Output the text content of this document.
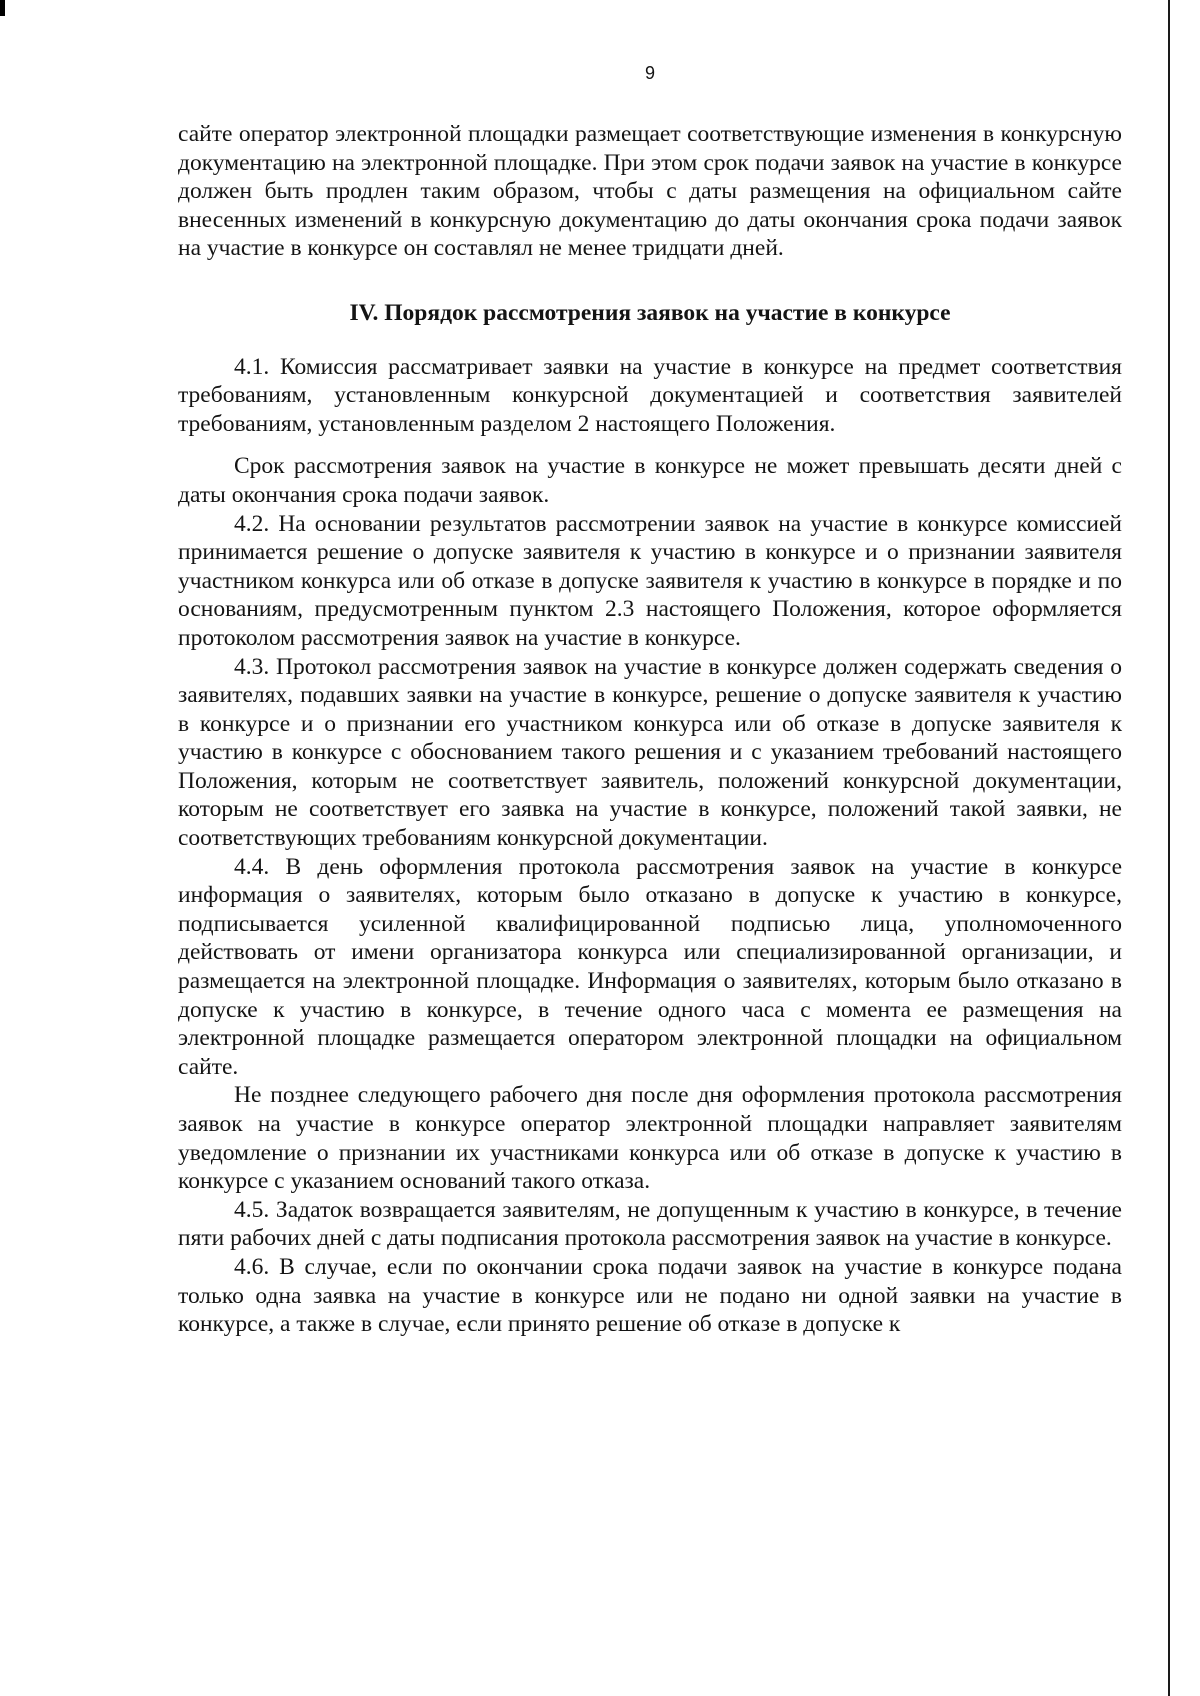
9

сайте оператор электронной площадки размещает соответствующие изменения в конкурсную документацию на электронной площадке. При этом срок подачи заявок на участие в конкурсе должен быть продлен таким образом, чтобы с даты размещения на официальном сайте внесенных изменений в конкурсную документацию до даты окончания срока подачи заявок на участие в конкурсе он составлял не менее тридцати дней.

IV. Порядок рассмотрения заявок на участие в конкурсе

4.1. Комиссия рассматривает заявки на участие в конкурсе на предмет соответствия требованиям, установленным конкурсной документацией и соответствия заявителей требованиям, установленным разделом 2 настоящего Положения.

Срок рассмотрения заявок на участие в конкурсе не может превышать десяти дней с даты окончания срока подачи заявок.

4.2. На основании результатов рассмотрении заявок на участие в конкурсе комиссией принимается решение о допуске заявителя к участию в конкурсе и о признании заявителя участником конкурса или об отказе в допуске заявителя к участию в конкурсе в порядке и по основаниям, предусмотренным пунктом 2.3 настоящего Положения, которое оформляется протоколом рассмотрения заявок на участие в конкурсе.

4.3. Протокол рассмотрения заявок на участие в конкурсе должен содержать сведения о заявителях, подавших заявки на участие в конкурсе, решение о допуске заявителя к участию в конкурсе и о признании его участником конкурса или об отказе в допуске заявителя к участию в конкурсе с обоснованием такого решения и с указанием требований настоящего Положения, которым не соответствует заявитель, положений конкурсной документации, которым не соответствует его заявка на участие в конкурсе, положений такой заявки, не соответствующих требованиям конкурсной документации.

4.4. В день оформления протокола рассмотрения заявок на участие в конкурсе информация о заявителях, которым было отказано в допуске к участию в конкурсе, подписывается усиленной квалифицированной подписью лица, уполномоченного действовать от имени организатора конкурса или специализированной организации, и размещается на электронной площадке. Информация о заявителях, которым было отказано в допуске к участию в конкурсе, в течение одного часа с момента ее размещения на электронной площадке размещается оператором электронной площадки на официальном сайте.

Не позднее следующего рабочего дня после дня оформления протокола рассмотрения заявок на участие в конкурсе оператор электронной площадки направляет заявителям уведомление о признании их участниками конкурса или об отказе в допуске к участию в конкурсе с указанием оснований такого отказа.

4.5. Задаток возвращается заявителям, не допущенным к участию в конкурсе, в течение пяти рабочих дней с даты подписания протокола рассмотрения заявок на участие в конкурсе.

4.6. В случае, если по окончании срока подачи заявок на участие в конкурсе подана только одна заявка на участие в конкурсе или не подано ни одной заявки на участие в конкурсе, а также в случае, если принято решение об отказе в допуске к
